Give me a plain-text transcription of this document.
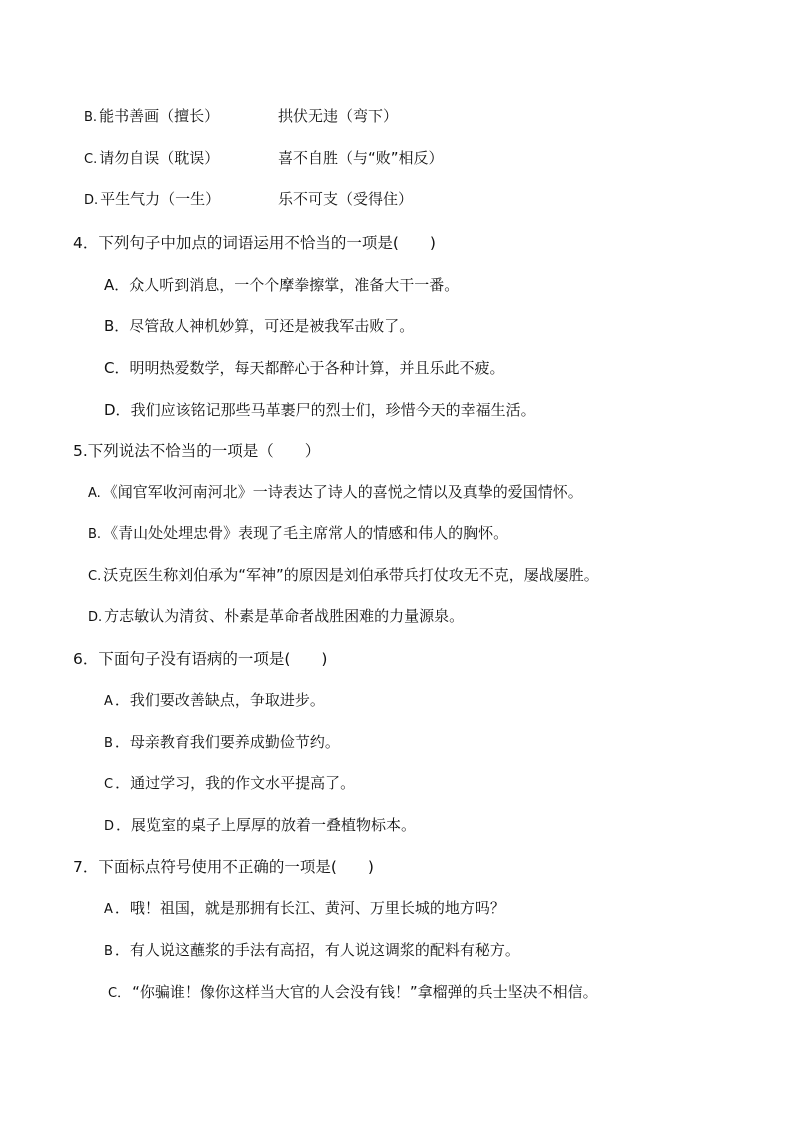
B. 能书善画（擅长）	拱伏无违（弯下）
C. 请勿自误（耽误）	喜不自胜（与“败”相反）
D. 平生气力（一生）	乐不可支（受得住）
4．下列句子中加点的词语运用不恰当的一项是(　　)
A．众人听到消息，一个个摩拳擦掌，准备大干一番。
B．尽管敌人神机妙算，可还是被我军击败了。
C．明明热爱数学，每天都醉心于各种计算，并且乐此不疲。
D．我们应该铭记那些马革裹尸的烈士们，珍惜今天的幸福生活。
5.下列说法不恰当的一项是（　　）
A. 《闻官军收河南河北》一诗表达了诗人的喜悦之情以及真挚的爱国情怀。
B. 《青山处处埋忠骨》表现了毛主席常人的情感和伟人的胸怀。
C. 沃克医生称刘伯承为“军神”的原因是刘伯承带兵打仗攻无不克，屡战屡胜。
D. 方志敏认为清贫、朴素是革命者战胜困难的力量源泉。
6．下面句子没有语病的一项是(　　)
A ．我们要改善缺点，争取进步。
B ．母亲教育我们要养成勤俭节约。
C ．通过学习，我的作文水平提高了。
D ．展览室的桌子上厚厚的放着一叠植物标本。
7．下面标点符号使用不正确的一项是(　　)
A ．哦！祖国，就是那拥有长江、黄河、万里长城的地方吗？
B ．有人说这蘸浆的手法有高招，有人说这调浆的配料有秘方。
C． “你骗谁！像你这样当大官的人会没有钱！”拿榴弹的兵士坚决不相信。
